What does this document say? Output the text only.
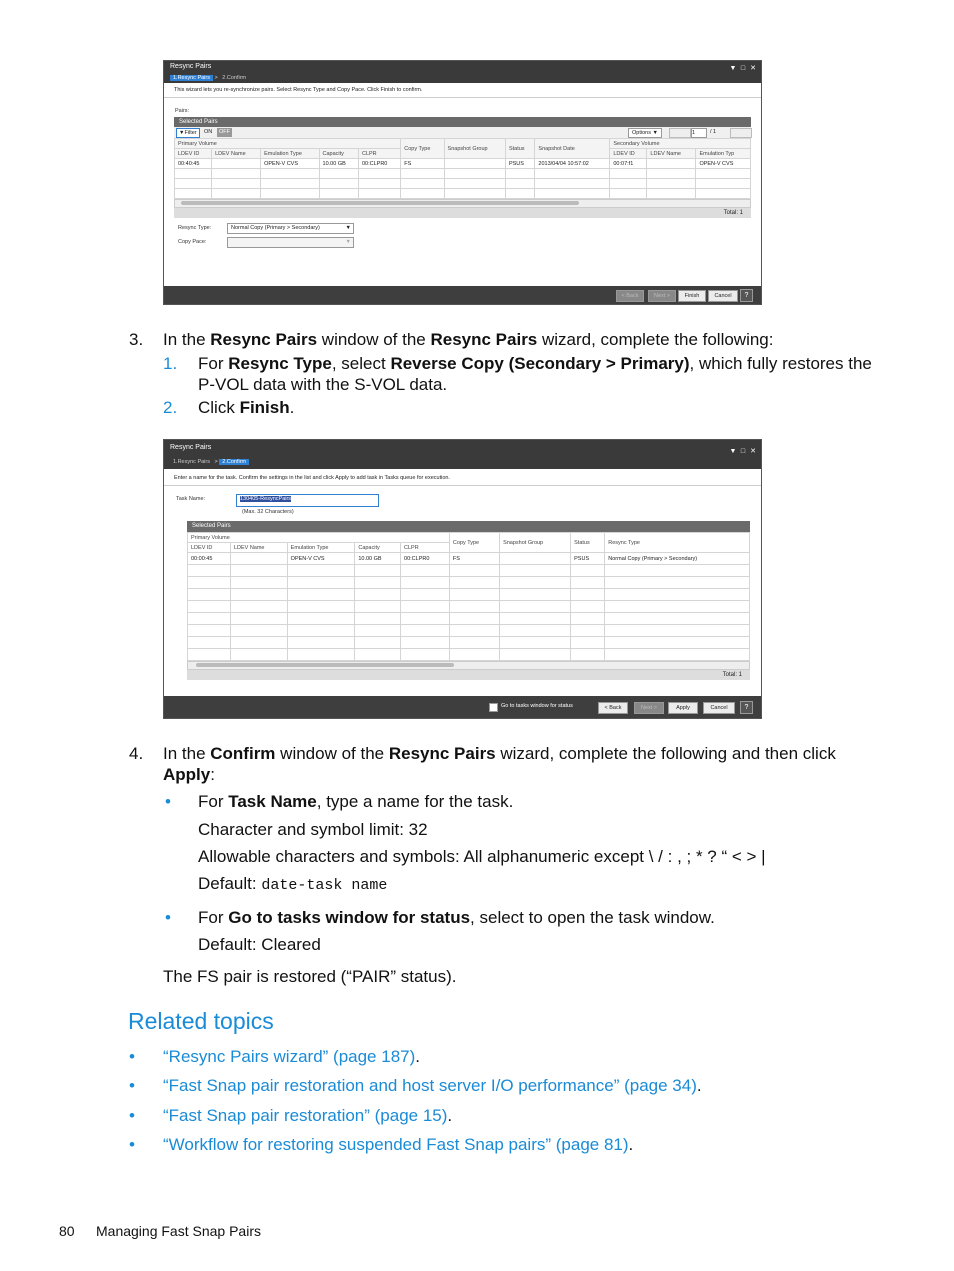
Resync Pairs	▼ □ ✕
1.Resync Pairs > 2.Confirm
This wizard lets you re-synchronize pairs. Select Resync Type and Copy Pace. Click Finish to confirm.
Pairs:
Selected Pairs
▼Filter	ON	OFF	Options ▼	1	/ 1
Primary Volume					Copy Type	Snapshot Group	Status	Snapshot Date	Secondary Volume		
LDEV ID	LDEV Name	Emulation Type	Capacity	CLPR					LDEV ID	LDEV Name	Emulation Typ
00:40:45		OPEN-V CVS	10.00 GB	00:CLPR0	FS		PSUS	2013/04/04 10:57:02	00:07:f1		OPEN-V CVS

Total: 1
Resync Type:	Normal Copy (Primary > Secondary)	▼
Copy Pace:	▼
< Back	Next >	Finish	Cancel	?
3. In the Resync Pairs window of the Resync Pairs wizard, complete the following:
1. For Resync Type, select Reverse Copy (Secondary > Primary), which fully restores the
P-VOL data with the S-VOL data.
2. Click Finish.
Resync Pairs
▼ □ ✕
1.Resync Pairs > 2.Confirm
Enter a name for the task. Confirm the settings in the list and click Apply to add task in Tasks queue for execution.
Task Name:	130405-ResyncPairs
(Max. 32 Characters)
Selected Pairs
Primary Volume					Copy Type	Snapshot Group	Status	Resync Type
LDEV ID	LDEV Name	Emulation Type	Capacity	CLPR				
00:00:45		OPEN-V CVS	10.00 GB	00:CLPR0	FS		PSUS	Normal Copy (Primary > Secondary)

Total: 1
Go to tasks window for status	< Back	Next >	Apply	Cancel	?
4. In the Confirm window of the Resync Pairs wizard, complete the following and then click
Apply:
• For Task Name, type a name for the task.
Character and symbol limit: 32
Allowable characters and symbols: All alphanumeric except \ / : , ; * ? “ < > |
Default: date-task name
• For Go to tasks window for status, select to open the task window.
Default: Cleared
The FS pair is restored (“PAIR” status).
Related topics
• “Resync Pairs wizard” (page 187).
• “Fast Snap pair restoration and host server I/O performance” (page 34).
• “Fast Snap pair restoration” (page 15).
• “Workflow for restoring suspended Fast Snap pairs” (page 81).
80 Managing Fast Snap Pairs
